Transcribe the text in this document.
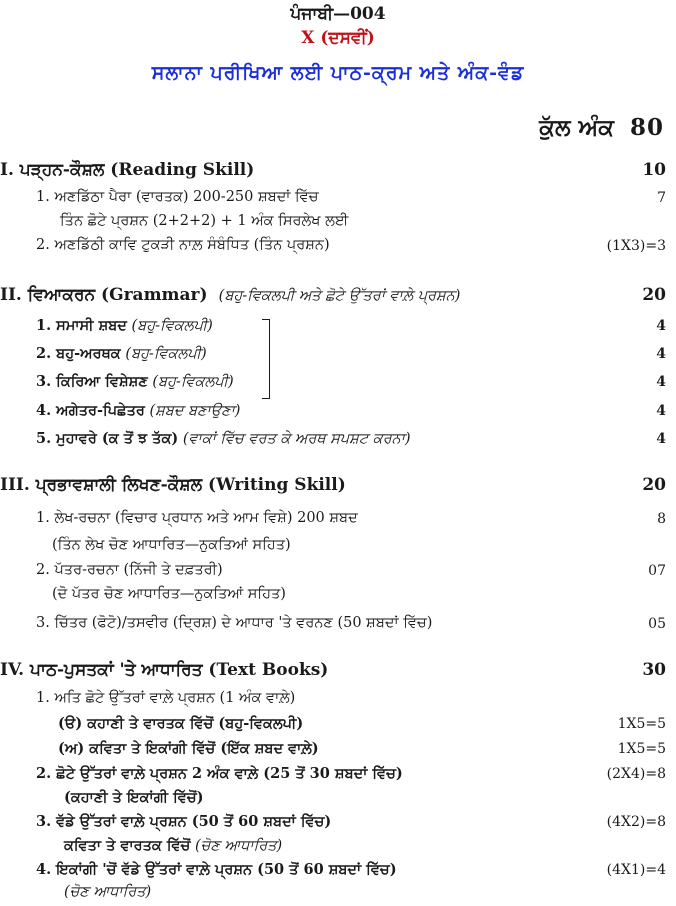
ਪੰਜਾਬੀ—004
X (ਦਸਵੀਂ)
ਸਲਾਨਾ ਪਰੀਖਿਆ ਲਈ ਪਾਠ-ਕ੍ਰਮ ਅਤੇ ਅੰਕ-ਵੰਡ
ਕੁੱਲ ਅੰਕ 80
I. ਪੜ੍ਹਨ-ਕੌਸ਼ਲ (Reading Skill)	10
1. ਅਣਡਿੱਠਾ ਪੈਰਾ (ਵਾਰਤਕ) 200-250 ਸ਼ਬਦਾਂ ਵਿੱਚ	7
ਤਿੰਨ ਛੋਟੇ ਪ੍ਰਸ਼ਨ (2+2+2) + 1 ਅੰਕ ਸਿਰਲੇਖ ਲਈ
2. ਅਣਡਿੱਠੀ ਕਾਵਿ ਟੁਕੜੀ ਨਾਲ਼ ਸੰਬੰਧਿਤ (ਤਿੰਨ ਪ੍ਰਸ਼ਨ)	(1X3)=3
II. ਵਿਆਕਰਨ (Grammar) (ਬਹੁ-ਵਿਕਲਪੀ ਅਤੇ ਛੋਟੇ ਉੱਤਰਾਂ ਵਾਲ਼ੇ ਪ੍ਰਸ਼ਨ)	20
1. ਸਮਾਸੀ ਸ਼ਬਦ (ਬਹੁ-ਵਿਕਲਪੀ)	4
2. ਬਹੁ-ਅਰਥਕ (ਬਹੁ-ਵਿਕਲਪੀ)	4
3. ਕਿਰਿਆ ਵਿਸ਼ੇਸ਼ਣ (ਬਹੁ-ਵਿਕਲਪੀ)	4
4. ਅਗੇਤਰ-ਪਿਛੇਤਰ (ਸ਼ਬਦ ਬਣਾਉਣਾ)	4
5. ਮੁਹਾਵਰੇ (ਕ ਤੋਂ ਝ ਤੱਕ) (ਵਾਕਾਂ ਵਿੱਚ ਵਰਤ ਕੇ ਅਰਥ ਸਪਸ਼ਟ ਕਰਨਾ)	4
III. ਪ੍ਰਭਾਵਸ਼ਾਲੀ ਲਿਖਣ-ਕੌਸ਼ਲ (Writing Skill)	20
1. ਲੇਖ-ਰਚਨਾ (ਵਿਚਾਰ ਪ੍ਰਧਾਨ ਅਤੇ ਆਮ ਵਿਸ਼ੇ) 200 ਸ਼ਬਦ	8
(ਤਿੰਨ ਲੇਖ ਚੋਣ ਆਧਾਰਿਤ—ਨੁਕਤਿਆਂ ਸਹਿਤ)
2. ਪੱਤਰ-ਰਚਨਾ (ਨਿੱਜੀ ਤੇ ਦਫ਼ਤਰੀ)	07
(ਦੋ ਪੱਤਰ ਚੋਣ ਆਧਾਰਿਤ—ਨੁਕਤਿਆਂ ਸਹਿਤ)
3. ਚਿੱਤਰ (ਫੋਟੋ)/ਤਸਵੀਰ (ਦ੍ਰਿਸ਼) ਦੇ ਆਧਾਰ 'ਤੇ ਵਰਨਣ (50 ਸ਼ਬਦਾਂ ਵਿੱਚ)	05
IV. ਪਾਠ-ਪੁਸਤਕਾਂ 'ਤੇ ਆਧਾਰਿਤ (Text Books)	30
1. ਅਤਿ ਛੋਟੇ ਉੱਤਰਾਂ ਵਾਲ਼ੇ ਪ੍ਰਸ਼ਨ (1 ਅੰਕ ਵਾਲ਼ੇ)
(ੳ) ਕਹਾਣੀ ਤੇ ਵਾਰਤਕ ਵਿੱਚੋਂ (ਬਹੁ-ਵਿਕਲਪੀ)	1X5=5
(ਅ) ਕਵਿਤਾ ਤੇ ਇਕਾਂਗੀ ਵਿੱਚੋਂ (ਇੱਕ ਸ਼ਬਦ ਵਾਲ਼ੇ)	1X5=5
2. ਛੋਟੇ ਉੱਤਰਾਂ ਵਾਲ਼ੇ ਪ੍ਰਸ਼ਨ 2 ਅੰਕ ਵਾਲ਼ੇ (25 ਤੋਂ 30 ਸ਼ਬਦਾਂ ਵਿੱਚ)	(2X4)=8
(ਕਹਾਣੀ ਤੇ ਇਕਾਂਗੀ ਵਿੱਚੋਂ)
3. ਵੱਡੇ ਉੱਤਰਾਂ ਵਾਲ਼ੇ ਪ੍ਰਸ਼ਨ (50 ਤੋਂ 60 ਸ਼ਬਦਾਂ ਵਿੱਚ)	(4X2)=8
ਕਵਿਤਾ ਤੇ ਵਾਰਤਕ ਵਿੱਚੋਂ (ਚੋਣ ਆਧਾਰਿਤ)
4. ਇਕਾਂਗੀ 'ਚੋਂ ਵੱਡੇ ਉੱਤਰਾਂ ਵਾਲ਼ੇ ਪ੍ਰਸ਼ਨ (50 ਤੋਂ 60 ਸ਼ਬਦਾਂ ਵਿੱਚ)	(4X1)=4
(ਚੋਣ ਆਧਾਰਿਤ)
